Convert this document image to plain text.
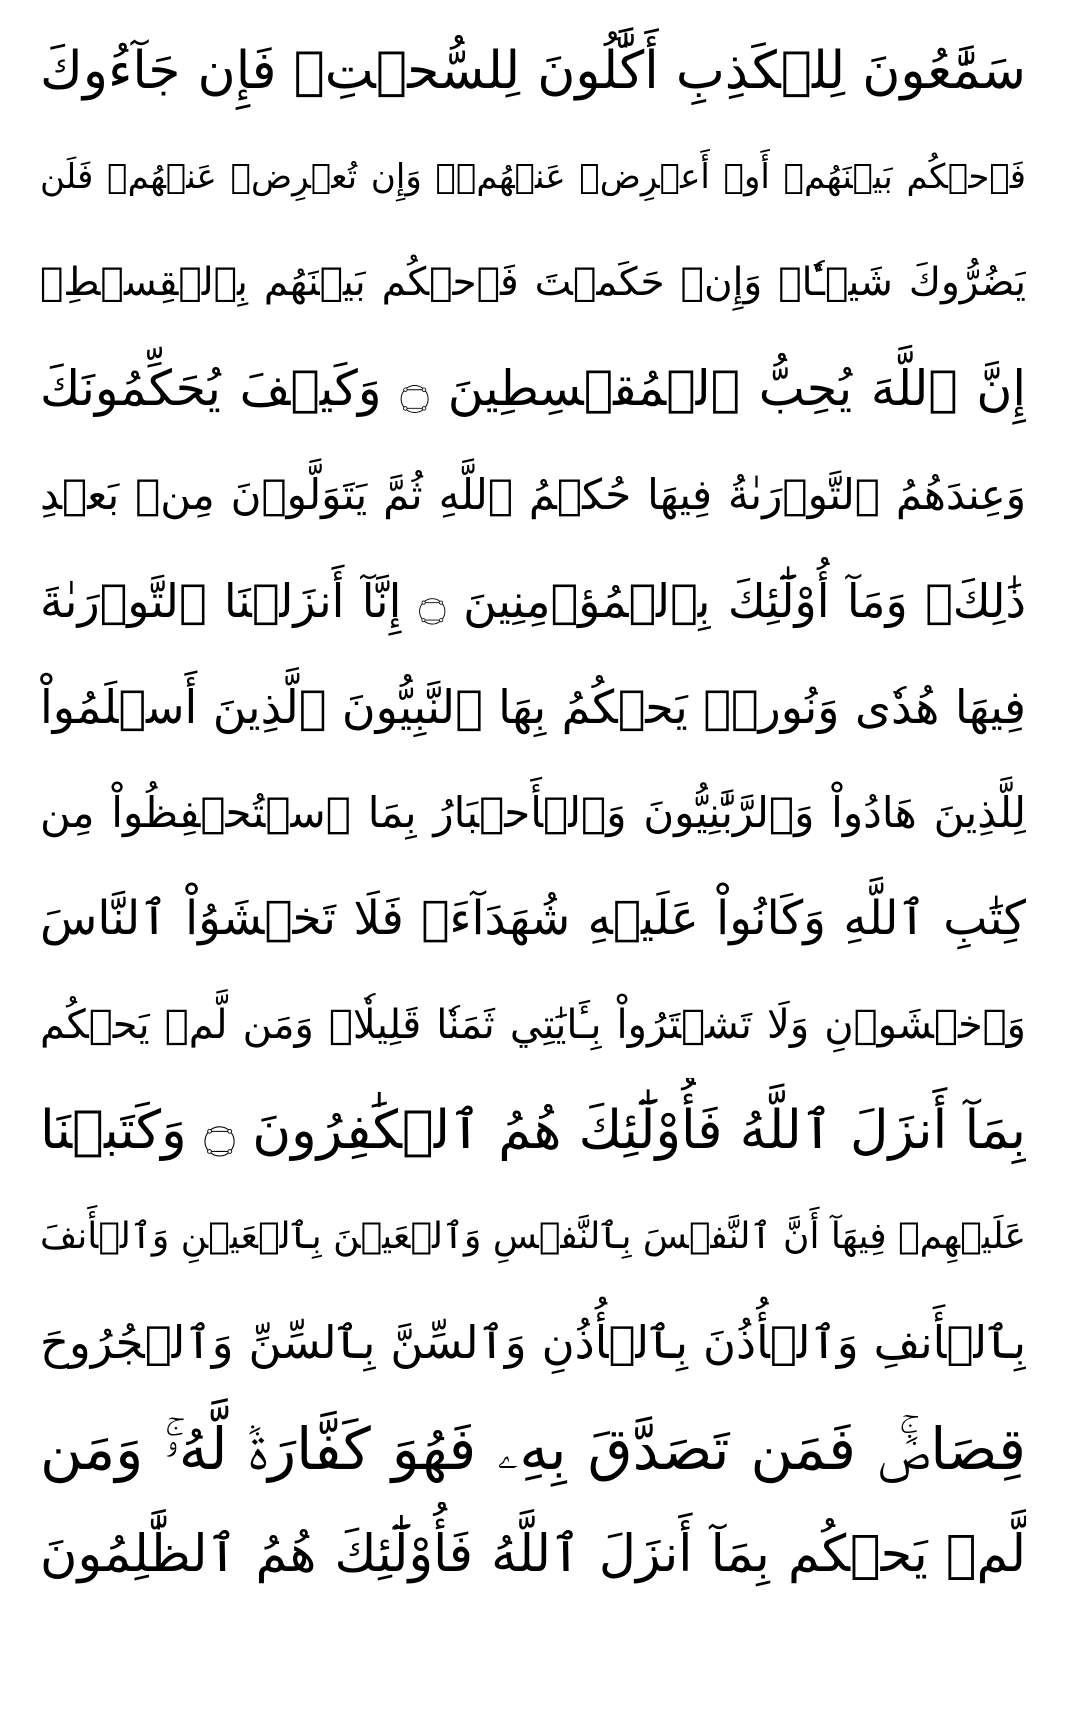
سَمَّٰعُونَ لِلۡكَذِبِ أَكَّٰلُونَ لِلسُّحۡتِۚ فَإِن جَآءُوكَ
فَٱحۡكُم بَيۡنَهُمۡ أَوۡ أَعۡرِضۡ عَنۡهُمۡۖ وَإِن تُعۡرِضۡ عَنۡهُمۡ فَلَن
يَضُرُّوكَ شَيۡـٔٗاۖ وَإِنۡ حَكَمۡتَ فَٱحۡكُم بَيۡنَهُم بِٱلۡقِسۡطِۚ
إِنَّ ٱللَّهَ يُحِبُّ ٱلۡمُقۡسِطِينَ ۝ وَكَيۡفَ يُحَكِّمُونَكَ
وَعِندَهُمُ ٱلتَّوۡرَىٰةُ فِيهَا حُكۡمُ ٱللَّهِ ثُمَّ يَتَوَلَّوۡنَ مِنۢ بَعۡدِ
ذَٰلِكَۚ وَمَآ أُوْلَٰٓئِكَ بِٱلۡمُؤۡمِنِينَ ۝ إِنَّآ أَنزَلۡنَا ٱلتَّوۡرَىٰةَ
فِيهَا هُدٗى وَنُورٞۚ يَحۡكُمُ بِهَا ٱلنَّبِيُّونَ ٱلَّذِينَ أَسۡلَمُواْ
لِلَّذِينَ هَادُواْ وَٱلرَّبَّٰنِيُّونَ وَٱلۡأَحۡبَارُ بِمَا ٱسۡتُحۡفِظُواْ مِن
كِتَٰبِ ٱللَّهِ وَكَانُواْ عَلَيۡهِ شُهَدَآءَۚ فَلَا تَخۡشَوُاْ ٱلنَّاسَ
وَٱخۡشَوۡنِ وَلَا تَشۡتَرُواْ بِـَٔايَٰتِي ثَمَنٗا قَلِيلٗاۚ وَمَن لَّمۡ يَحۡكُم
بِمَآ أَنزَلَ ٱللَّهُ فَأُوْلَٰٓئِكَ هُمُ ٱلۡكَٰفِرُونَ ۝ وَكَتَبۡنَا
عَلَيۡهِمۡ فِيهَآ أَنَّ ٱلنَّفۡسَ بِٱلنَّفۡسِ وَٱلۡعَيۡنَ بِٱلۡعَيۡنِ وَٱلۡأَنفَ
بِٱلۡأَنفِ وَٱلۡأُذُنَ بِٱلۡأُذُنِ وَٱلسِّنَّ بِٱلسِّنِّ وَٱلۡجُرُوحَ
قِصَاصٞۚ فَمَن تَصَدَّقَ بِهِۦ فَهُوَ كَفَّارَةٞ لَّهُۥۚ وَمَن
لَّمۡ يَحۡكُم بِمَآ أَنزَلَ ٱللَّهُ فَأُوْلَٰٓئِكَ هُمُ ٱلظَّٰلِمُونَ
